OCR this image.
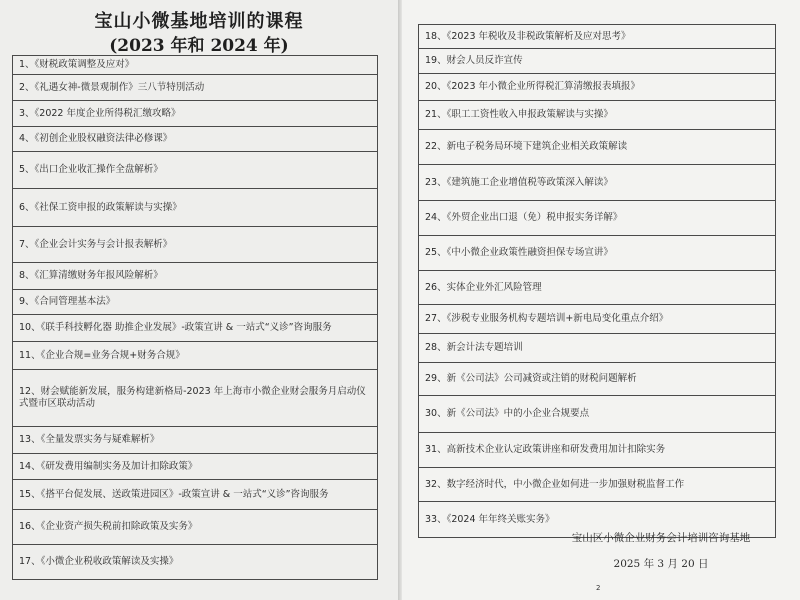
宝山小微基地培训的课程
(2023 年和 2024 年)
1、《财税政策调整及应对》
2、《礼遇女神-微景观制作》三八节特別活动
3、《2022 年度企业所得税汇缴攻略》
4、《初创企业股权融资法律必修课》
5、《出口企业收汇操作全盘解析》
6、《社保工资申报的政策解读与实操》
7、《企业会计实务与会计报表解析》
8、《汇算清缴财务年报风险解析》
9、《合同管理基本法》
10、《联手科技孵化器 助推企业发展》-政策宣讲 & 一站式“义诊”咨询服务
11、《企业合规=业务合规+财务合规》
12、财会赋能新发展，服务构建新格局-2023 年上海市小微企业财会服务月启动仪式暨市区联动活动
13、《全量发票实务与疑难解析》
14、《研发费用编制实务及加计扣除政策》
15、《搭平台促发展、送政策进园区》-政策宣讲 & 一站式“义诊”咨询服务
16、《企业资产损失税前扣除政策及实务》
17、《小微企业税收政策解读及实操》
18、《2023 年税收及非税政策解析及应对思考》
19、财会人员反诈宣传
20、《2023 年小微企业所得税汇算清缴报表填报》
21、《职工工资性收入申报政策解读与实操》
22、新电子税务局环境下建筑企业相关政策解读
23、《建筑施工企业增值税等政策深入解读》
24、《外贸企业出口退（免）税申报实务详解》
25、《中小微企业政策性融资担保专场宣讲》
26、实体企业外汇风险管理
27、《涉税专业服务机构专题培训+新电局变化重点介绍》
28、新会计法专题培训
29、新《公司法》公司减资或注销的财税问题解析
30、新《公司法》中的小企业合规要点
31、高新技术企业认定政策讲座和研发费用加计扣除实务
32、数字经济时代，中小微企业如何进一步加强财税监督工作
33、《2024 年年终关账实务》
宝山区小微企业财务会计培训咨询基地
2025 年 3 月 20 日
2
